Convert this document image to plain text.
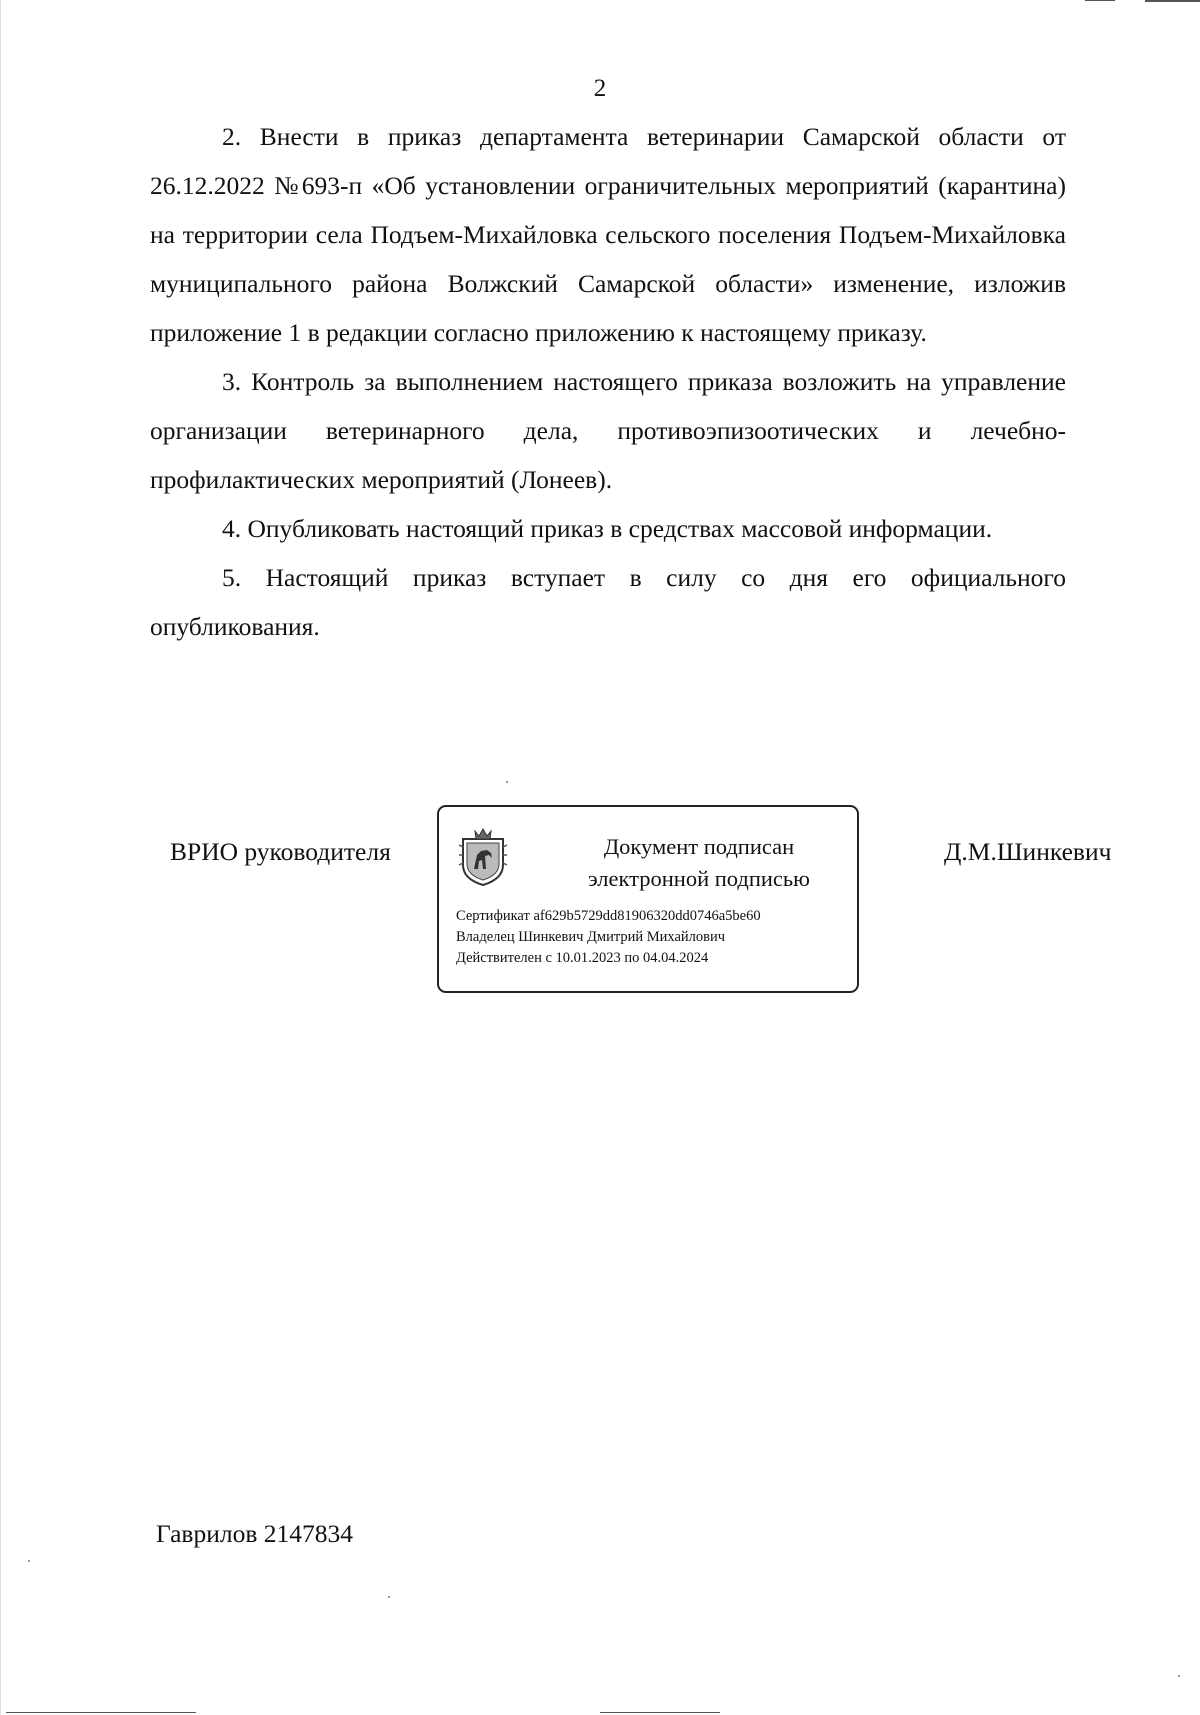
2

2. Внести в приказ департамента ветеринарии Самарской области от 26.12.2022 №693-п «Об установлении ограничительных мероприятий (карантина) на территории села Подъем-Михайловка сельского поселения Подъем-Михайловка муниципального района Волжский Самарской области» изменение, изложив приложение 1 в редакции согласно приложению к настоящему приказу.

3. Контроль за выполнением настоящего приказа возложить на управление организации ветеринарного дела, противоэпизоотических и лечебно-профилактических мероприятий (Лонеев).

4. Опубликовать настоящий приказ в средствах массовой информации.

5. Настоящий приказ вступает в силу со дня его официального опубликования.

ВРИО руководителя	Документ подписан
электронной подписью
Сертификат af629b5729dd81906320dd0746a5be60
Владелец Шинкевич Дмитрий Михайлович
Действителен с 10.01.2023 по 04.04.2024
Д.М.Шинкевич
Гаврилов 2147834
